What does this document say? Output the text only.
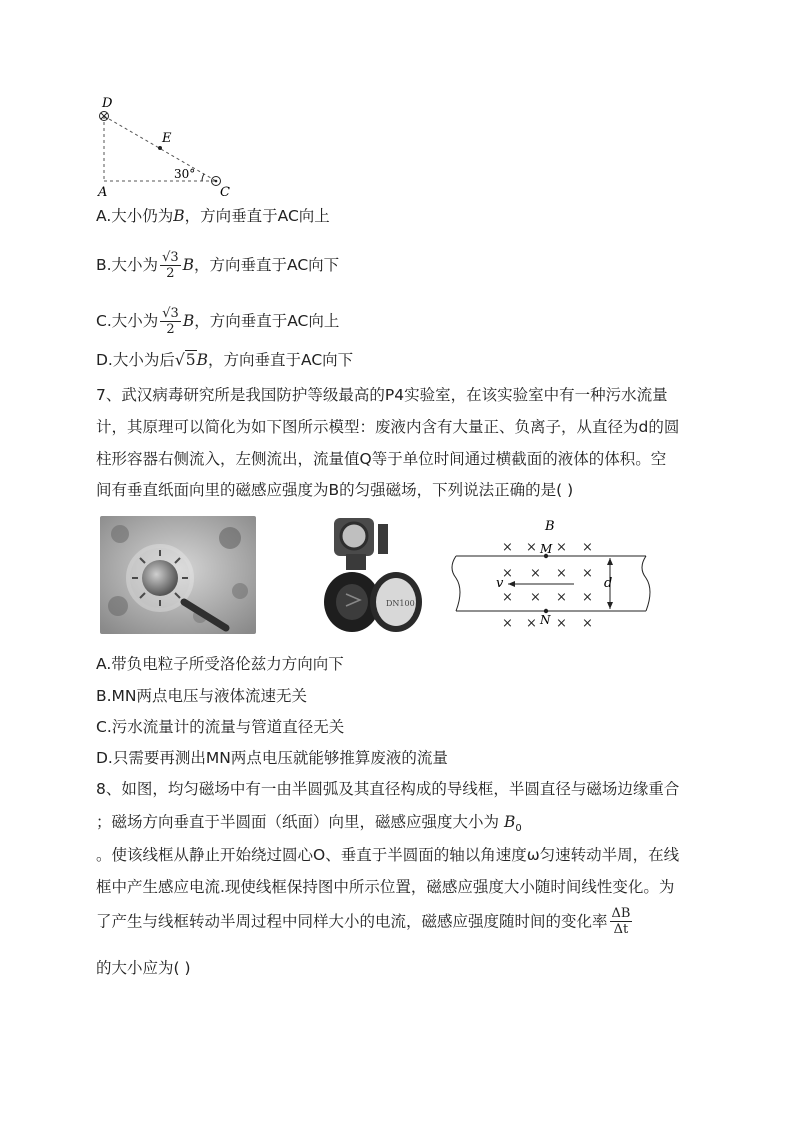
D
E
A	C
30°
A.大小仍为B，方向垂直于AC向上
B.大小为 $\frac{√3}{2}$ B，方向垂直于AC向下
C.大小为 $\frac{√3}{2}$ B，方向垂直于AC向上
D.大小为后√5B，方向垂直于AC向下
7、武汉病毒研究所是我国防护等级最高的P4实验室，在该实验室中有一种污水流量
计，其原理可以简化为如下图所示模型：废液内含有大量正、负离子，从直径为d的圆
柱形容器右侧流入，左侧流出，流量值Q等于单位时间通过横截面的液体的体积。空
间有垂直纸面向里的磁感应强度为B的匀强磁场，下列说法正确的是( )
DN100
B
× × × ×
× × × ×
× × × ×
× × × ×
M
N
v	d
A.带负电粒子所受洛伦兹力方向向下
B.MN两点电压与液体流速无关
C.污水流量计的流量与管道直径无关
D.只需要再测出MN两点电压就能够推算废液的流量
8、如图，均匀磁场中有一由半圆弧及其直径构成的导线框，半圆直径与磁场边缘重合
；磁场方向垂直于半圆面（纸面）向里，磁感应强度大小为 $B_0$
。使该线框从静止开始绕过圆心O、垂直于半圆面的轴以角速度ω匀速转动半周，在线
框中产生感应电流.现使线框保持图中所示位置，磁感应强度大小随时间线性变化。为
了产生与线框转动半周过程中同样大小的电流，磁感应强度随时间的变化率 $\frac{\Delta B}{\Delta t}$
的大小应为( )
